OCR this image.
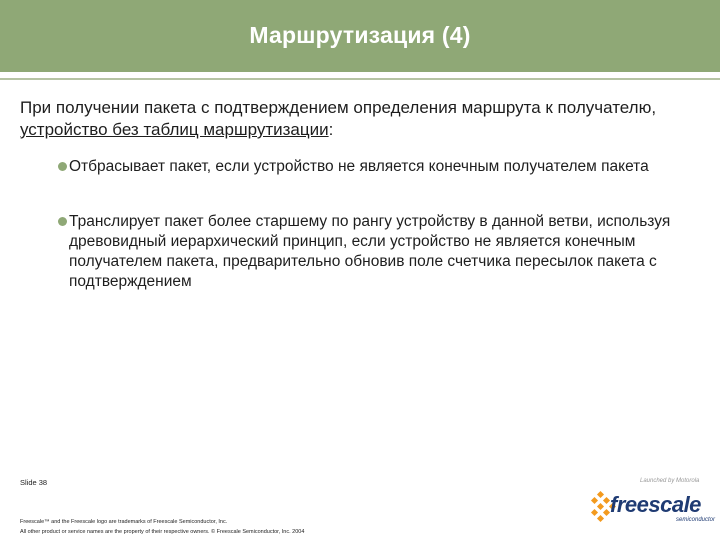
Маршрутизация (4)
При получении пакета с подтверждением определения маршрута к получателю, устройство без таблиц маршрутизации:
Отбрасывает пакет, если устройство не является конечным получателем пакета
Транслирует пакет более старшему по рангу устройству в данной ветви, используя древовидный иерархический принцип, если устройство не является конечным получателем пакета, предварительно обновив поле счетчика пересылок пакета с подтверждением
Slide 38
Freescale™ and the Freescale logo are trademarks of Freescale Semiconductor, Inc.
All other product or service names are the property of their respective owners. © Freescale Semiconductor, Inc. 2004
Launched by Motorola
freescale
semiconductor
